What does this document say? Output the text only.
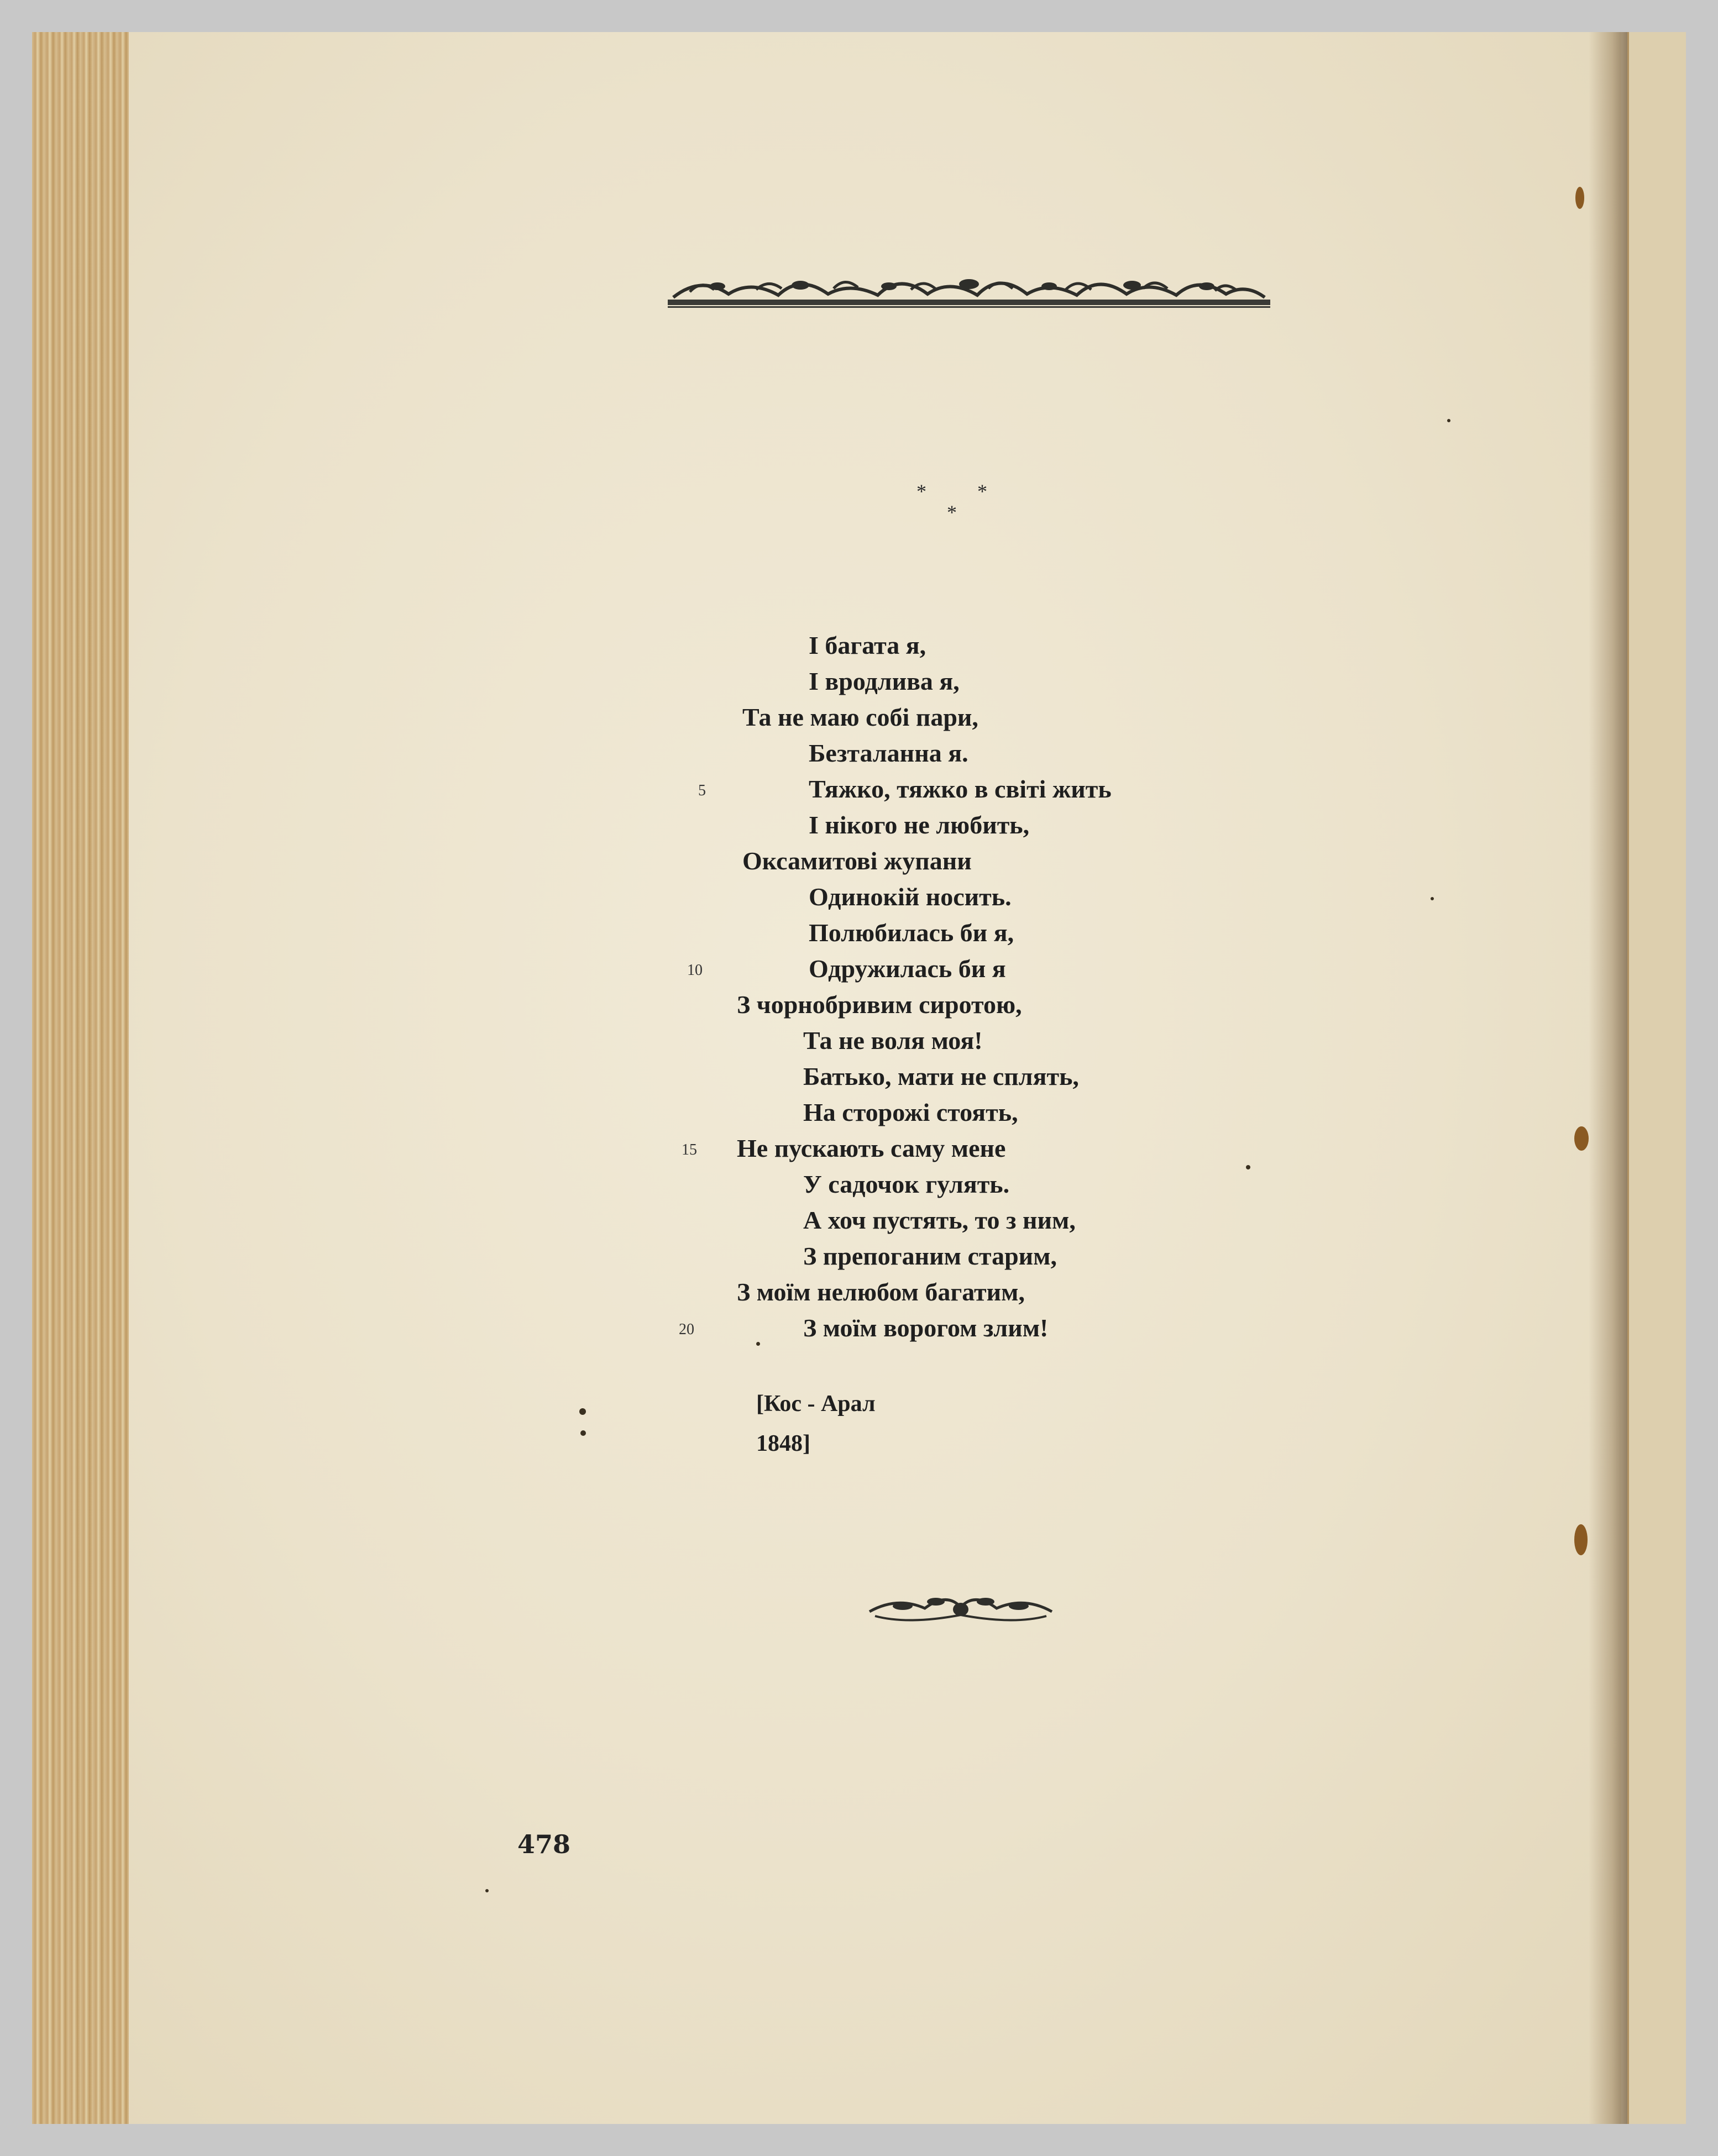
*	*
*
І багата я,
І вродлива я,
Та не маю собі пари,
Безталанна я.
Тяжко, тяжко в світі жить
І нікого не любить,
Оксамитові жупани
Одинокій носить.
Полюбилась би я,
Одружилась би я
З чорнобривим сиротою,
Та не воля моя!
Батько, мати не сплять,
На сторожі стоять,
Не пускають саму мене
У садочок гулять.
А хоч пустять, то з ним,
З препоганим старим,
З моїм нелюбом багатим,
З моїм ворогом злим!
5
10
15
20
[Кос - Арал
1848]
478
